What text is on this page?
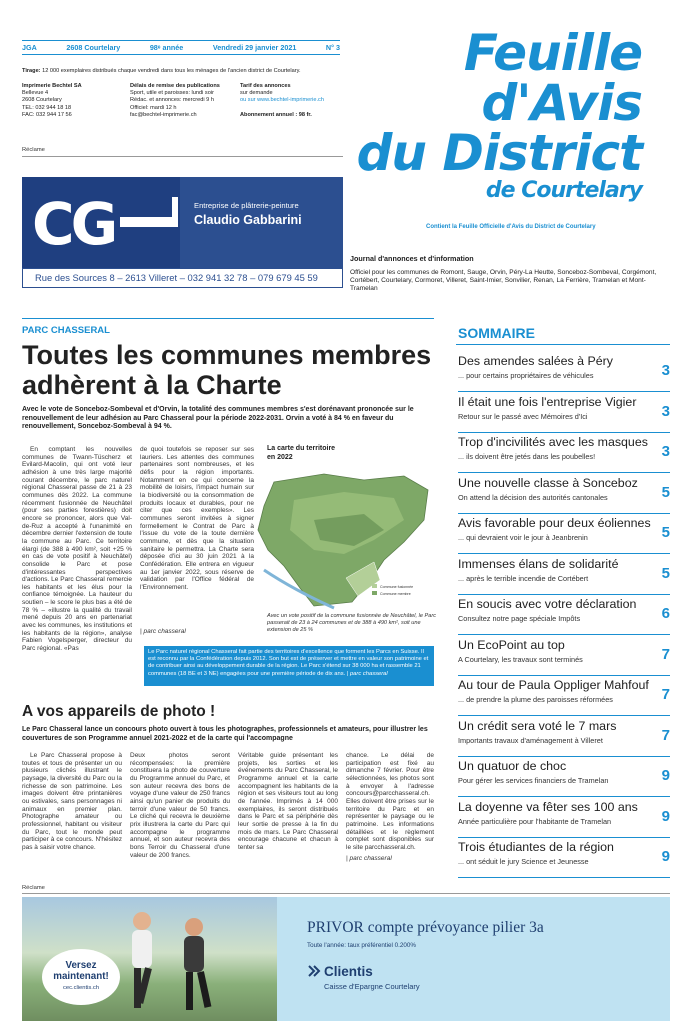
JGA	2608 Courtelary	98ᵉ année	Vendredi 29 janvier 2021	N° 3
Tirage: 12 000 exemplaires distribués chaque vendredi dans tous les ménages de l'ancien district de Courtelary.
Imprimerie Bechtel SA
Bellevue 4
2608 Courtelary
TEL: 032 944 18 18
FAC: 032 944 17 56
Délais de remise des publications
Sport, utile et paroisses: lundi soir
Rédac. et annonces: mercredi 9 h
Officiel: mardi 12 h
fac@bechtel-imprimerie.ch
Tarif des annonces
sur demande
ou sur www.bechtel-imprimerie.ch

Abonnement annuel : 98 fr.
Réclame
Feuille
d'Avis
du District
de Courtelary
Contient la Feuille Officielle d'Avis du District de Courtelary
CG	Entreprise de plâtrerie-peinture
Claudio Gabbarini
Rue des Sources 8 – 2613 Villeret – 032 941 32 78 – 079 679 45 59
Journal d'annonces et d'information

Officiel pour les communes de Romont, Sauge, Orvin, Péry-La Heutte, Sonceboz-Sombeval, Corgémont, Cortébert, Courtelary, Cormoret, Villeret, Saint-Imier, Sonvilier, Renan, La Ferrière, Tramelan et Mont-Tramelan
PARC CHASSERAL
Toutes les communes membres
adhèrent à la Charte
Avec le vote de Sonceboz-Sombeval et d'Orvin, la totalité des communes membres s'est dorénavant prononcée sur le renouvellement de leur adhésion au Parc Chasseral pour la période 2022-2031. Orvin a voté à 84 % en faveur du renouvellement, Sonceboz-Sombeval à 94 %.
En comptant les nouvelles communes de Twann-Tüscherz et Evilard-Macolin, qui ont voté leur adhésion à une très large majorité courant décembre, le parc naturel régional Chasseral passe de 21 à 23 communes dès 2022. La commune récemment fusionnée de Neuchâtel (pour ses parties forestières) doit encore se prononcer, alors que Val-de-Ruz a accepté à l'unanimité en décembre dernier l'extension de toute la commune au Parc. Ce territoire élargi (de 388 à 490 km², soit +25 % en cas de vote positif à Neuchâtel) consolide le Parc et pose d'intéressantes perspectives d'actions. Le Parc Chasseral remercie les habitants et les élus pour la confiance témoignée. La hauteur du soutien – le score le plus bas a été de 78 % – «illustre la qualité du travail mené depuis 20 ans en partenariat avec les communes, les institutions et les habitants de la région», analyse Fabien Vogelsperger, directeur du Parc régional. «Pas
de quoi toutefois se reposer sur ses lauriers. Les attentes des communes partenaires sont nombreuses, et les défis pour la région importants. Notamment en ce qui concerne la mobilité de loisirs, l'impact humain sur la biodiversité ou la consommation de produits locaux et durables, pour ne citer que ces exemples». Les communes seront invitées à signer formellement le Contrat de Parc à l'issue du vote de la toute dernière commune, et dès que la situation sanitaire le permettra. La Charte sera déposée d'ici au 30 juin 2021 à la Confédération. Elle entrera en vigueur au 1er janvier 2022, sous réserve de validation par l'Office fédéral de l'Environnement.
| parc chasseral
La carte du territoire
en 2022
Commune fusionnée
Commune membre
Avec un vote positif de la commune fusionnée de Neuchâtel, le Parc passerait de 23 à 24 communes et de 388 à 490 km², soit une extension de 25 %
Le Parc naturel régional Chasseral fait partie des territoires d'excellence que forment les Parcs en Suisse. Il est reconnu par la Confédération depuis 2012. Son but est de préserver et mettre en valeur son patrimoine et de contribuer ainsi au développement durable de la région. Le Parc s'étend sur 38 000 ha et rassemble 21 communes (18 BE et 3 NE) engagées pour une première période de dix ans. | parc chasseral
A vos appareils de photo !
Le Parc Chasseral lance un concours photo ouvert à tous les photographes, professionnels et amateurs, pour illustrer les couvertures de son Programme annuel 2021-2022 et de la carte qui l'accompagne
Le Parc Chasseral propose à toutes et tous de présenter un ou plusieurs clichés illustrant le paysage, la diversité du Parc ou la richesse de son patrimoine. Les images doivent être printanières ou estivales, sans personnages ni animaux en premier plan. Photographe amateur ou professionnel, habitant ou visiteur du Parc, tout le monde peut participer à ce concours. N'hésitez pas à saisir votre chance.
Deux photos seront récompensées: la première constituera la photo de couverture du Programme annuel du Parc, et son auteur recevra des bons de voyage d'une valeur de 250 francs ainsi qu'un panier de produits du terroir d'une valeur de 50 francs. Le cliché qui recevra le deuxième prix illustrera la carte du Parc qui accompagne le programme annuel, et son auteur recevra des bons Terroir du Chasseral d'une valeur de 200 francs.
Véritable guide présentant les projets, les sorties et les événements du Parc Chasseral, le Programme annuel et la carte accompagnent les habitants de la région et ses visiteurs tout au long de l'année. Imprimés à 14 000 exemplaires, ils seront distribués dans le Parc et sa périphérie dès leur sortie de presse à la fin du mois de mars. Le Parc Chasseral encourage chacune et chacun à tenter sa
chance. Le délai de participation est fixé au dimanche 7 février. Pour être sélectionnées, les photos sont à envoyer à l'adresse concours@parcchasseral.ch. Elles doivent être prises sur le territoire du Parc et en représenter le paysage ou le patrimoine. Les informations détaillées et le règlement complet sont disponibles sur le site parcchasseral.ch.
| parc chasseral
SOMMAIRE
Des amendes salées à Péry
... pour certains propriétaires de véhicules	3
Il était une fois l'entreprise Vigier
Retour sur le passé avec Mémoires d'Ici	3
Trop d'incivilités avec les masques
... ils doivent être jetés dans les poubelles!	3
Une nouvelle classe à Sonceboz
On attend la décision des autorités cantonales	5
Avis favorable pour deux éoliennes
... qui devraient voir le jour à Jeanbrenin	5
Immenses élans de solidarité
... après le terrible incendie de Cortébert	5
En soucis avec votre déclaration
Consultez notre page spéciale Impôts	6
Un EcoPoint au top
A Courtelary, les travaux sont terminés	7
Au tour de Paula Oppliger Mahfouf
... de prendre la plume des paroisses réformées	7
Un crédit sera voté le 7 mars
Importants travaux d'aménagement à Villeret	7
Un quatuor de choc
Pour gérer les services financiers de Tramelan	9
La doyenne va fêter ses 100 ans
Année particulière pour l'habitante de Tramelan	9
Trois étudiantes de la région
... ont séduit le jury Science et Jeunesse	9
Réclame
Versez
maintenant!
cec.clientis.ch
PRIVOR compte prévoyance pilier 3a
Toute l'année: taux préférentiel 0.200%
Clientis
Caisse d'Epargne Courtelary
